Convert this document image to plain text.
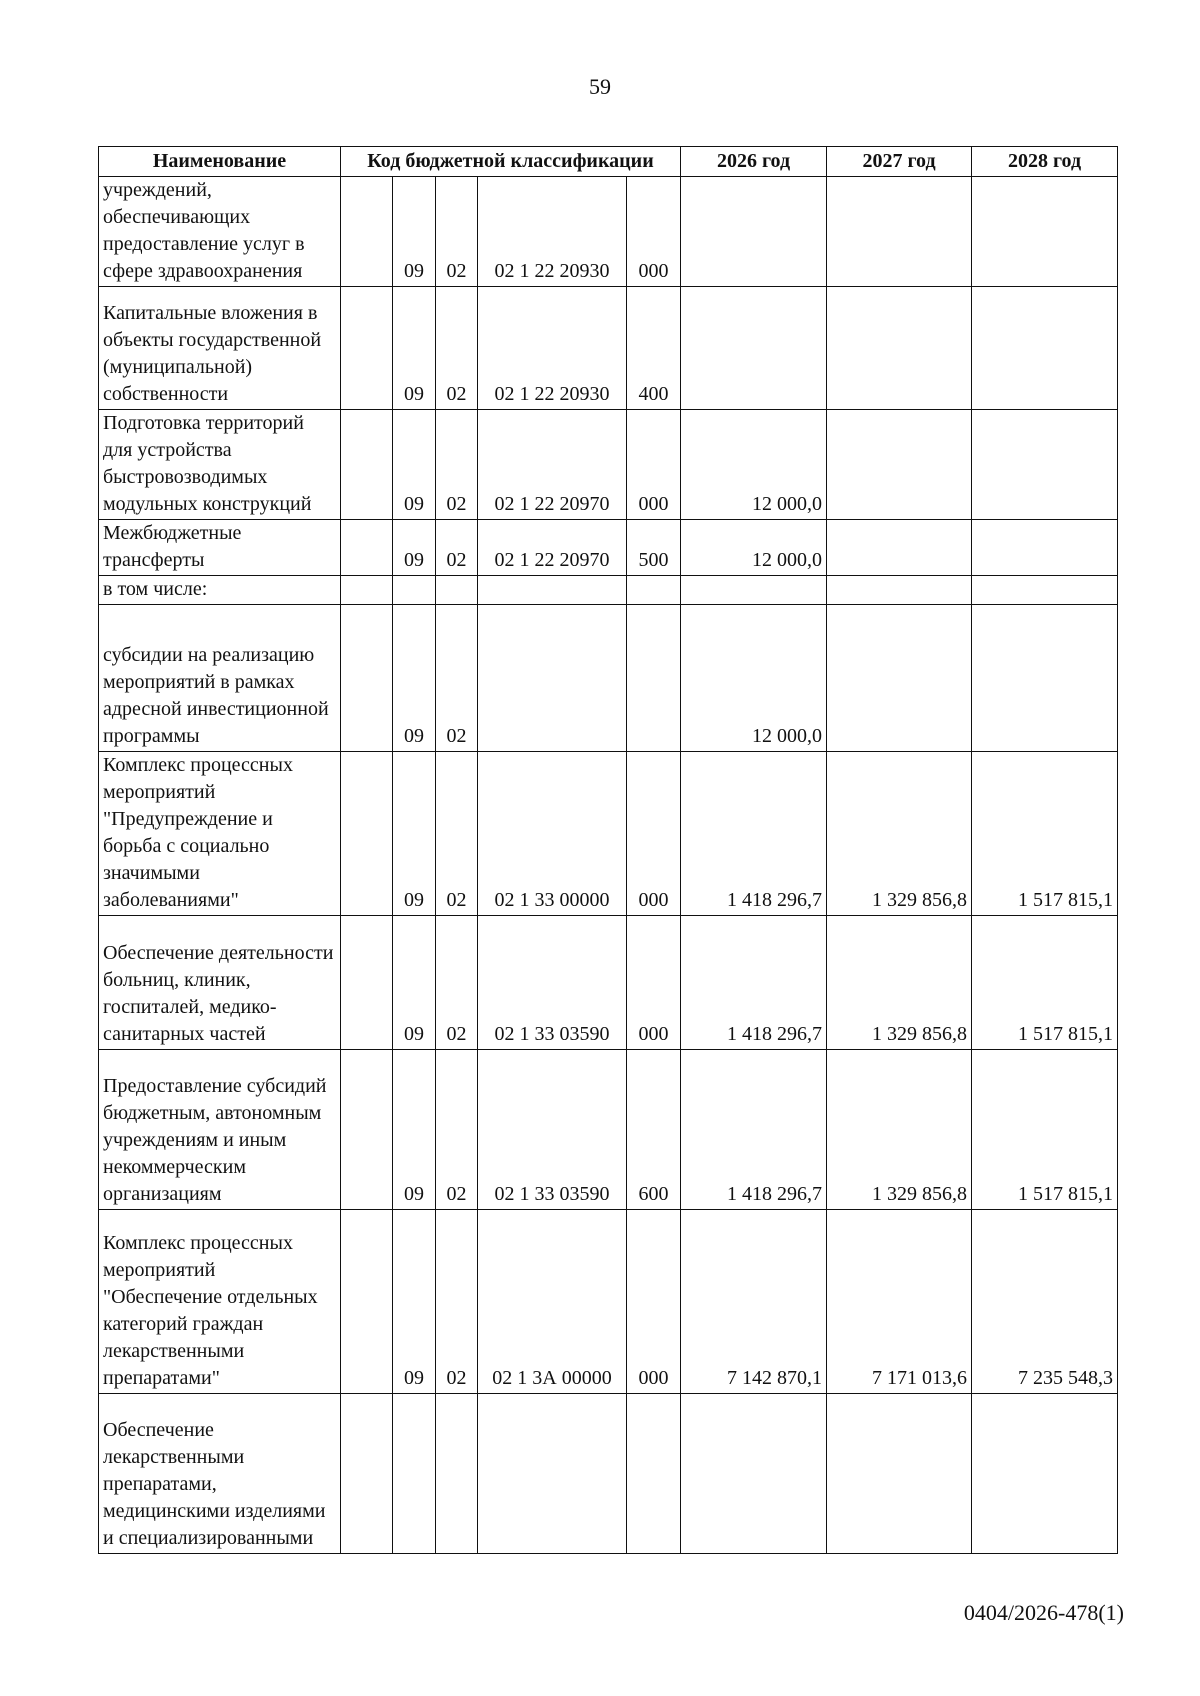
59
Наименование	Код бюджетной классификации					2026 год	2027 год	2028 год
учреждений, обеспечивающих предоставление услуг в сфере здравоохранения		09	02	02 1 22 20930	000			
Капитальные вложения в объекты государственной (муниципальной) собственности		09	02	02 1 22 20930	400			
Подготовка территорий для устройства быстровозводимых модульных конструкций		09	02	02 1 22 20970	000	12 000,0		
Межбюджетные трансферты		09	02	02 1 22 20970	500	12 000,0		
в том числе:								
субсидии на реализацию мероприятий в рамках адресной инвестиционной программы		09	02			12 000,0		
Комплекс процессных мероприятий "Предупреждение и борьба с социально значимыми заболеваниями"		09	02	02 1 33 00000	000	1 418 296,7	1 329 856,8	1 517 815,1
Обеспечение деятельности больниц, клиник, госпиталей, медико-санитарных частей		09	02	02 1 33 03590	000	1 418 296,7	1 329 856,8	1 517 815,1
Предоставление субсидий бюджетным, автономным учреждениям и иным некоммерческим организациям		09	02	02 1 33 03590	600	1 418 296,7	1 329 856,8	1 517 815,1
Комплекс процессных мероприятий "Обеспечение отдельных категорий граждан лекарственными препаратами"		09	02	02 1 3А 00000	000	7 142 870,1	7 171 013,6	7 235 548,3
Обеспечение лекарственными препаратами, медицинскими изделиями и специализированными								
0404/2026-478(1)
